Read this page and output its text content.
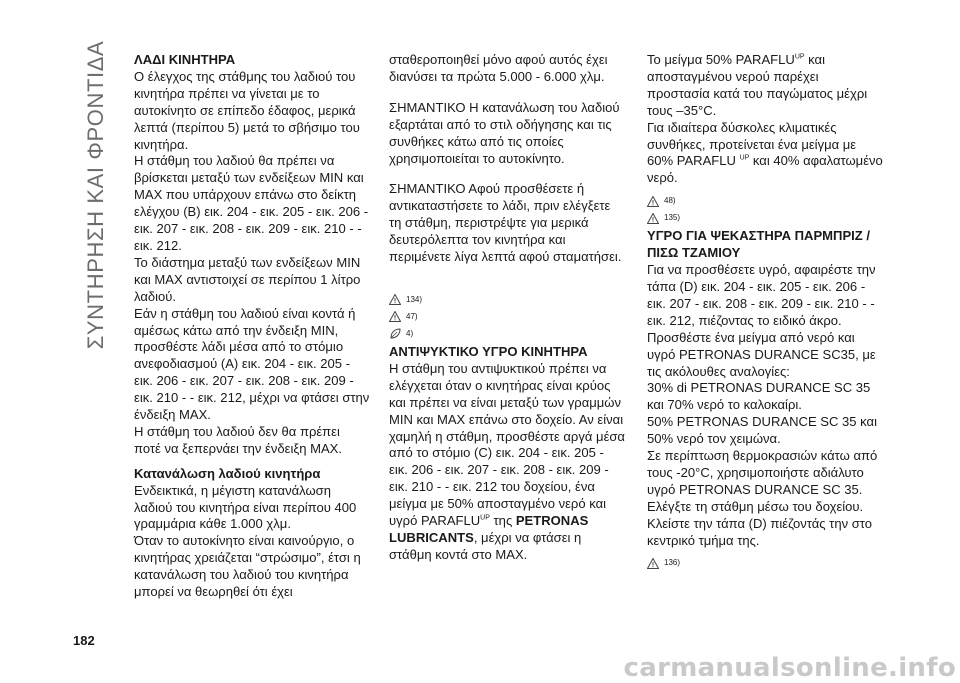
ΣΥΝΤΗΡΗΣΗ ΚΑΙ ΦΡΟΝΤΙΔΑ ΛΑΔΙ ΚΙΝΗΤΗΡΑ

Ο έλεγχος της στάθμης του λαδιού του κινητήρα πρέπει να γίνεται με το αυτοκίνητο σε επίπεδο έδαφος, μερικά λεπτά (περίπου 5) μετά το σβήσιμο του κινητήρα.

Η στάθμη του λαδιού θα πρέπει να βρίσκεται μεταξύ των ενδείξεων MIN και MAX που υπάρχουν επάνω στο δείκτη ελέγχου (B) εικ. 204 - εικ. 205 - εικ. 206 - εικ. 207 - εικ. 208 - εικ. 209 - εικ. 210 - - εικ. 212.

Το διάστημα μεταξύ των ενδείξεων MIN και MAX αντιστοιχεί σε περίπου 1 λίτρο λαδιού.

Εάν η στάθμη του λαδιού είναι κοντά ή αμέσως κάτω από την ένδειξη MIN, προσθέστε λάδι μέσα από το στόμιο ανεφοδιασμού (A) εικ. 204 - εικ. 205 - εικ. 206 - εικ. 207 - εικ. 208 - εικ. 209 - εικ. 210 - - εικ. 212, μέχρι να φτάσει στην ένδειξη MAX.

Η στάθμη του λαδιού δεν θα πρέπει ποτέ να ξεπερνάει την ένδειξη MAX.

Κατανάλωση λαδιού κινητήρα

Ενδεικτικά, η μέγιστη κατανάλωση λαδιού του κινητήρα είναι περίπου 400 γραμμάρια κάθε 1.000 χλμ.

Όταν το αυτοκίνητο είναι καινούργιο, ο κινητήρας χρειάζεται “στρώσιμο”, έτσι η κατανάλωση του λαδιού του κινητήρα μπορεί να θεωρηθεί ότι έχει

σταθεροποιηθεί μόνο αφού αυτός έχει διανύσει τα πρώτα 5.000 - 6.000 χλμ.

ΣΗΜΑΝΤΙΚΟ Η κατανάλωση του λαδιού εξαρτάται από το στιλ οδήγησης και τις συνθήκες κάτω από τις οποίες χρησιμοποιείται το αυτοκίνητο.

ΣΗΜΑΝΤΙΚΟ Αφού προσθέσετε ή αντικαταστήσετε το λάδι, πριν ελέγξετε τη στάθμη, περιστρέψτε για μερικά δευτερόλεπτα τον κινητήρα και περιμένετε λίγα λεπτά αφού σταματήσει.

134)
47)
4)
ΑΝΤΙΨΥΚΤΙΚΟ ΥΓΡΟ ΚΙΝΗΤΗΡΑ

Η στάθμη του αντιψυκτικού πρέπει να ελέγχεται όταν ο κινητήρας είναι κρύος και πρέπει να είναι μεταξύ των γραμμών MIN και MAX επάνω στο δοχείο. Αν είναι χαμηλή η στάθμη, προσθέστε αργά μέσα από το στόμιο (C) εικ. 204 - εικ. 205 - εικ. 206 - εικ. 207 - εικ. 208 - εικ. 209 - εικ. 210 - - εικ. 212 του δοχείου, ένα μείγμα με 50% αποσταγμένο νερό και υγρό $PARAFLU^{UP}$ της PETRONAS LUBRICANTS, μέχρι να φτάσει η στάθμη κοντά στο MAX.

Το μείγμα 50% $PARAFLU^{UP}$ και αποσταγμένου νερού παρέχει προστασία κατά του παγώματος μέχρι τους –35°C.

Για ιδιαίτερα δύσκολες κλιματικές συνθήκες, προτείνεται ένα μείγμα με 60% PARAFLU $^{UP}$ και 40% αφαλατωμένο νερό.

48)
135)
ΥΓΡΟ ΓΙΑ ΨΕΚΑΣΤΗΡΑ ΠΑΡΜΠΡΙΖ / ΠΙΣΩ ΤΖΑΜΙΟΥ

Για να προσθέσετε υγρό, αφαιρέστε την τάπα (D) εικ. 204 - εικ. 205 - εικ. 206 - εικ. 207 - εικ. 208 - εικ. 209 - εικ. 210 - - εικ. 212, πιέζοντας το ειδικό άκρο.

Προσθέστε ένα μείγμα από νερό και υγρό PETRONAS DURANCE SC35, με τις ακόλουθες αναλογίες:

30% di PETRONAS DURANCE SC 35 και 70% νερό το καλοκαίρι.

50% PETRONAS DURANCE SC 35 και 50% νερό τον χειμώνα.

Σε περίπτωση θερμοκρασιών κάτω από τους -20°C, χρησιμοποιήστε αδιάλυτο υγρό PETRONAS DURANCE SC 35.

Ελέγξτε τη στάθμη μέσω του δοχείου.

Κλείστε την τάπα (D) πιέζοντάς την στο κεντρικό τμήμα της.

136)
182
carmanualsonline.info
